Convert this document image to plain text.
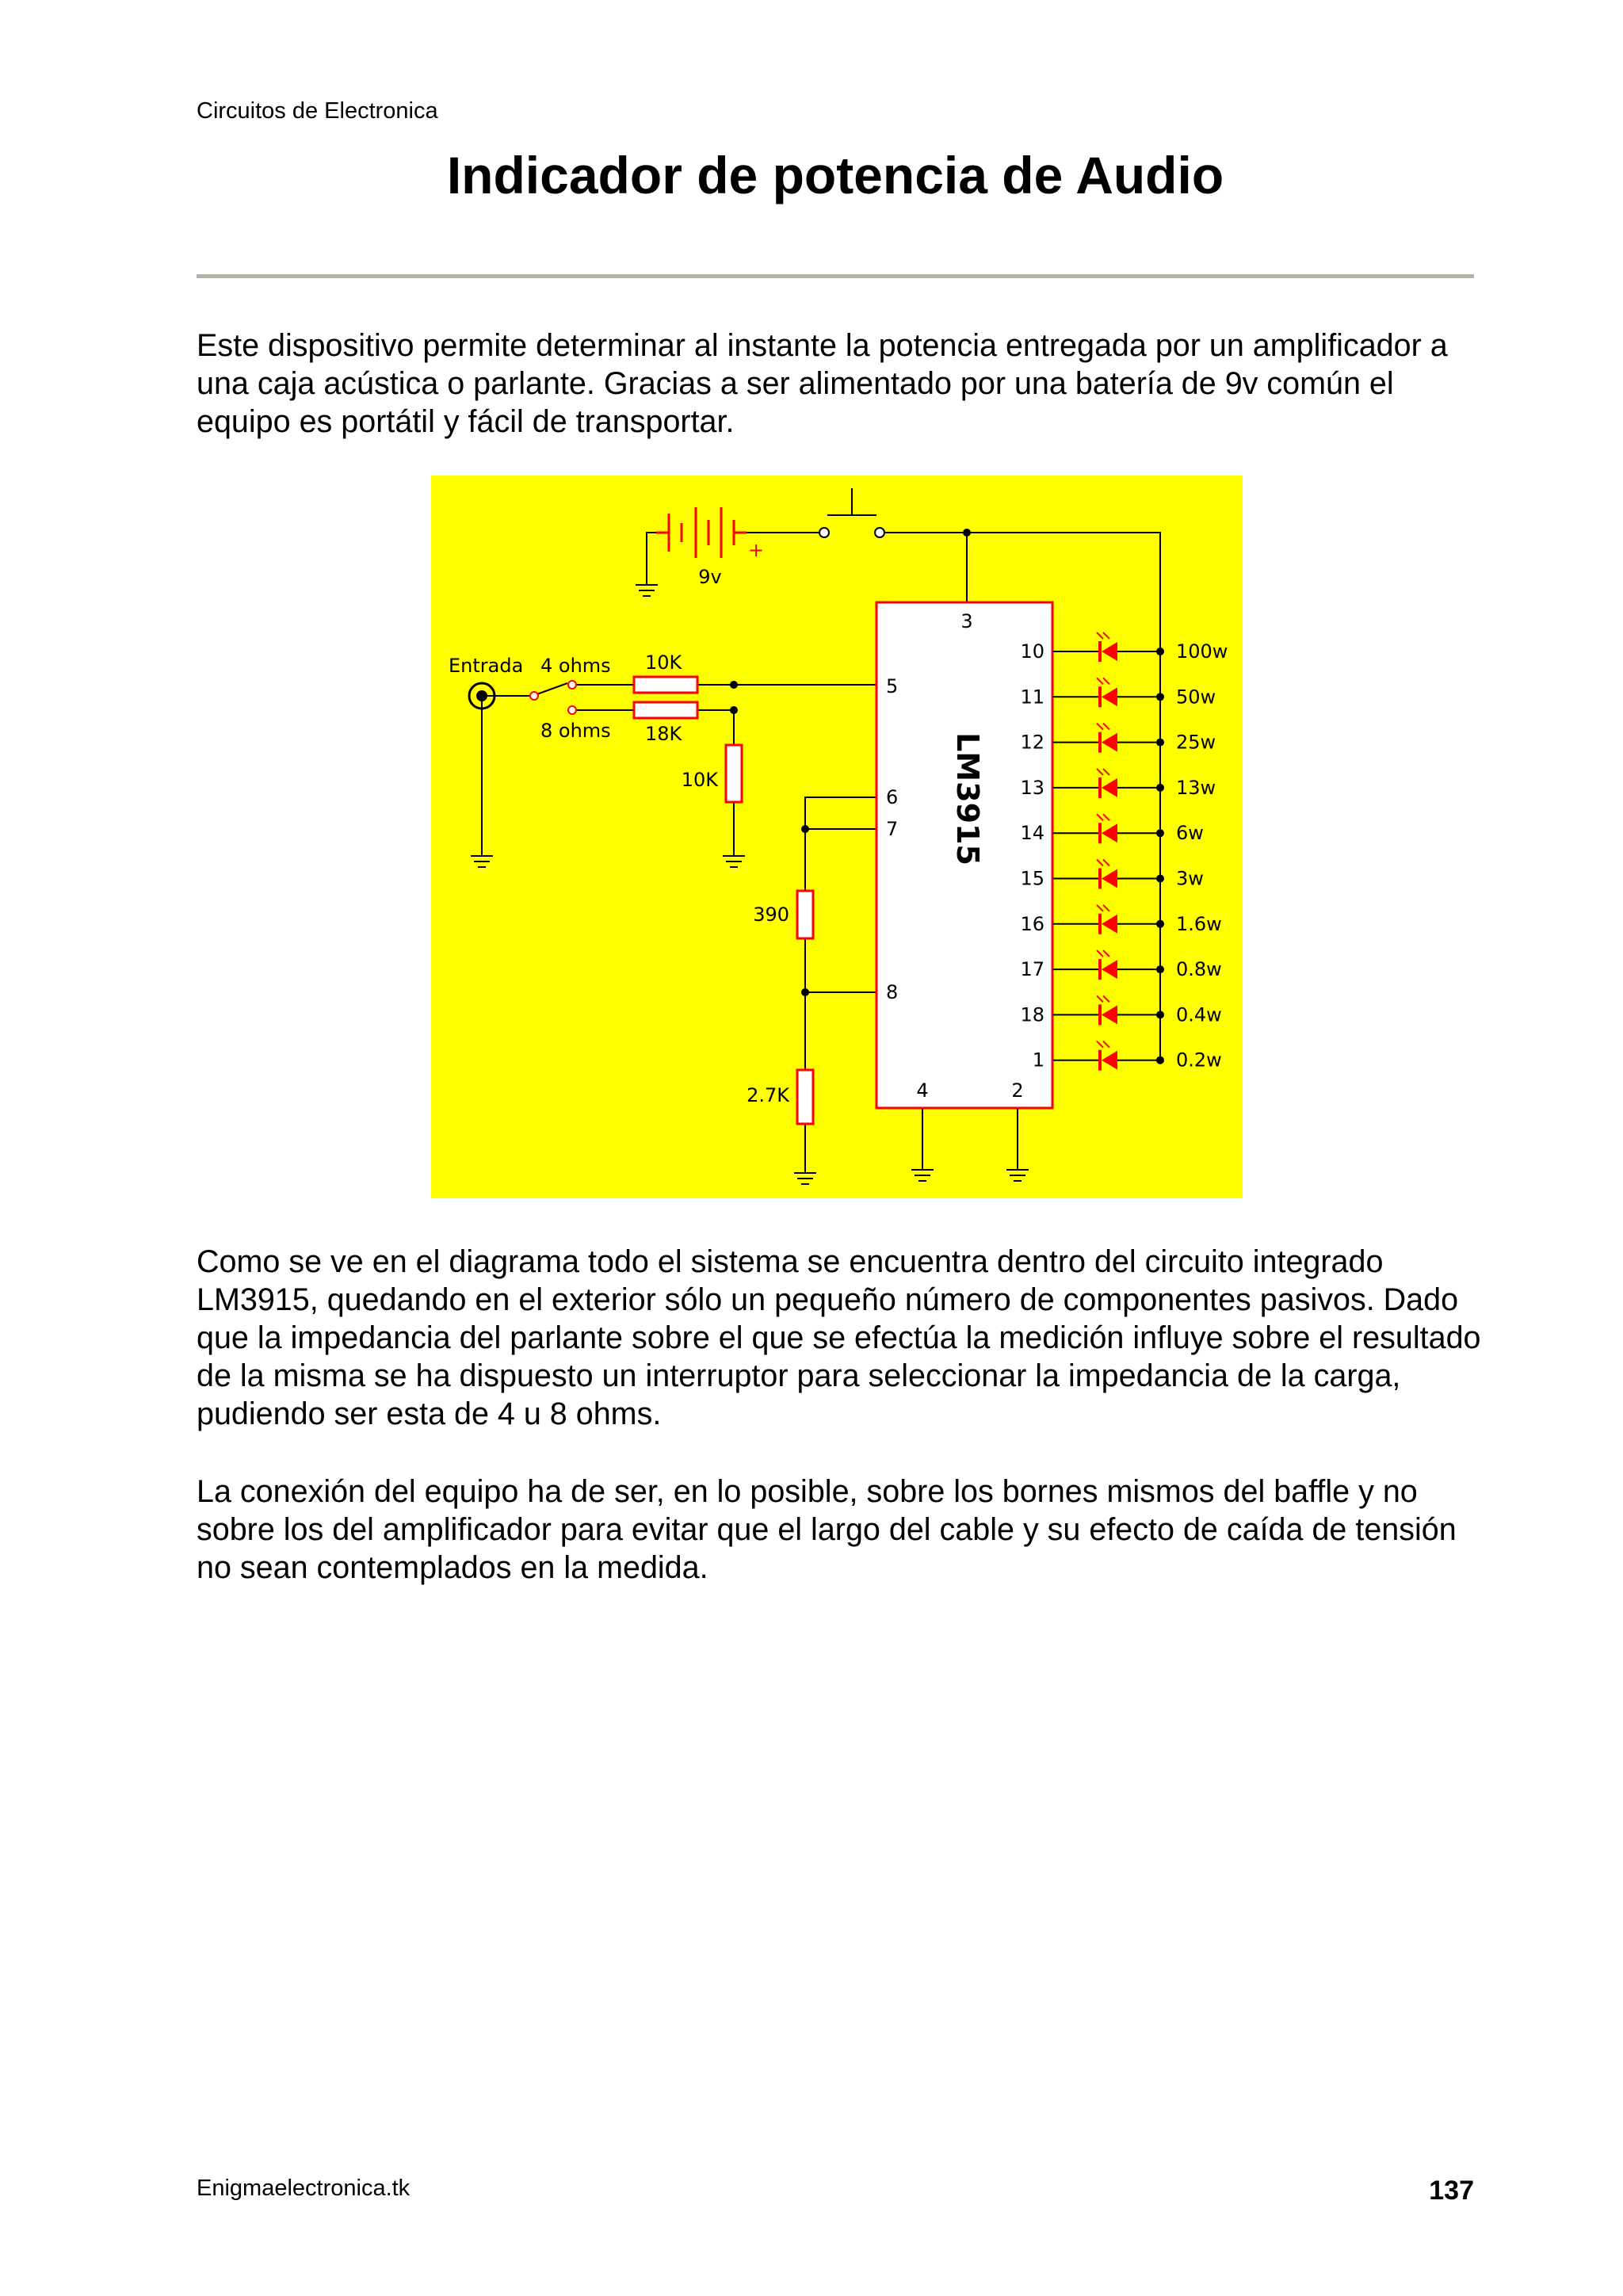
Circuitos de Electronica
Indicador de potencia de Audio

Este dispositivo permite determinar al instante la potencia entregada por un amplificador a una caja acústica o parlante. Gracias a ser alimentado por una batería de 9v común el equipo es portátil y fácil de transportar.

+
9v
Entrada 4 ohms
8 ohms
10K
18K
10K
390
2.7K
LM3915
3
5
6
7
8
4	2
10	100w
11	50w
12	25w
13	13w
14	6w
15	3w
16	1.6w
17	0.8w
18	0.4w
1	0.2w

Como se ve en el diagrama todo el sistema se encuentra dentro del circuito integrado LM3915, quedando en el exterior sólo un pequeño número de componentes pasivos. Dado que la impedancia del parlante sobre el que se efectúa la medición influye sobre el resultado de la misma se ha dispuesto un interruptor para seleccionar la impedancia de la carga, pudiendo ser esta de 4 u 8 ohms.

La conexión del equipo ha de ser, en lo posible, sobre los bornes mismos del baffle y no sobre los del amplificador para evitar que el largo del cable y su efecto de caída de tensión no sean contemplados en la medida.

Enigmaelectronica.tk	137
